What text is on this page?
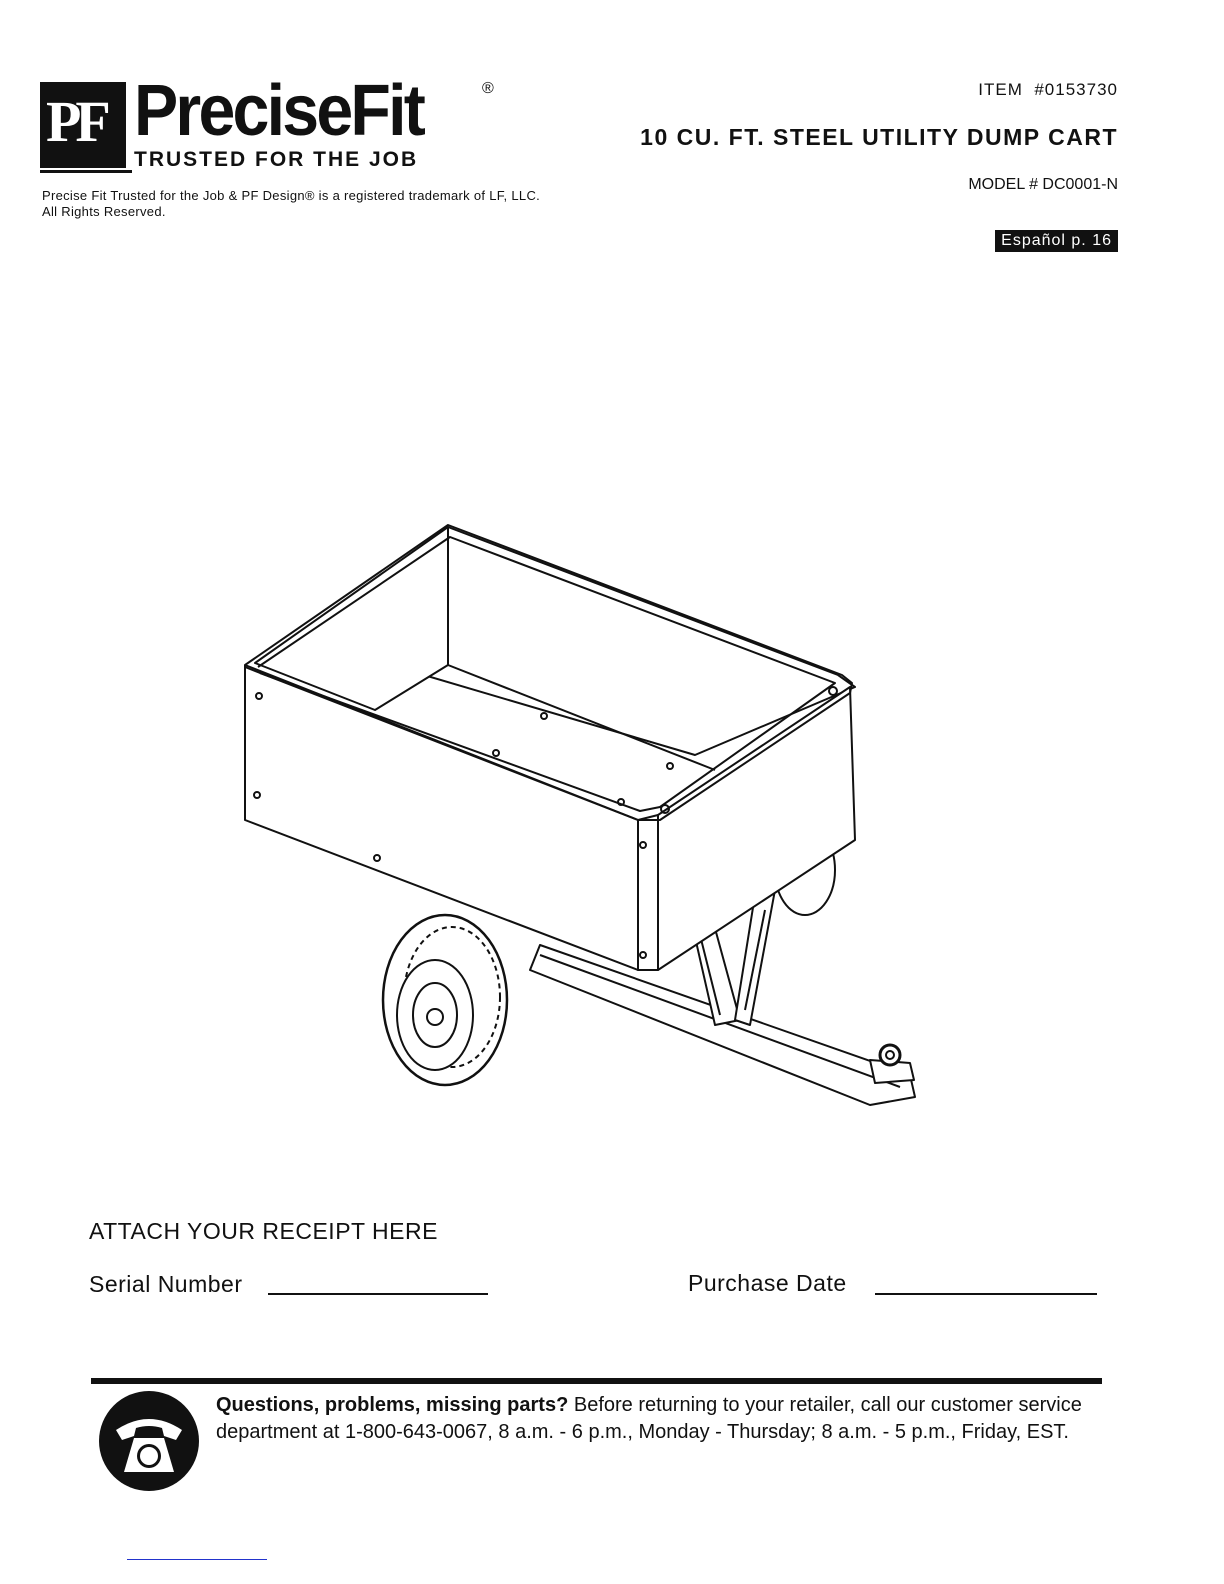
PF PreciseFit	®
TRUSTED FOR THE JOB
Precise Fit Trusted for the Job & PF Design® is a registered trademark of LF, LLC.
All Rights Reserved.
ITEM  #0153730
10 CU. FT. STEEL UTILITY DUMP CART
MODEL # DC0001-N
Español p. 16
ATTACH YOUR RECEIPT HERE
Serial Number	Purchase Date
Questions, problems, missing parts? Before returning to your retailer, call our customer service department at 1-800-643-0067, 8 a.m. - 6 p.m., Monday - Thursday; 8 a.m. - 5 p.m., Friday, EST.
